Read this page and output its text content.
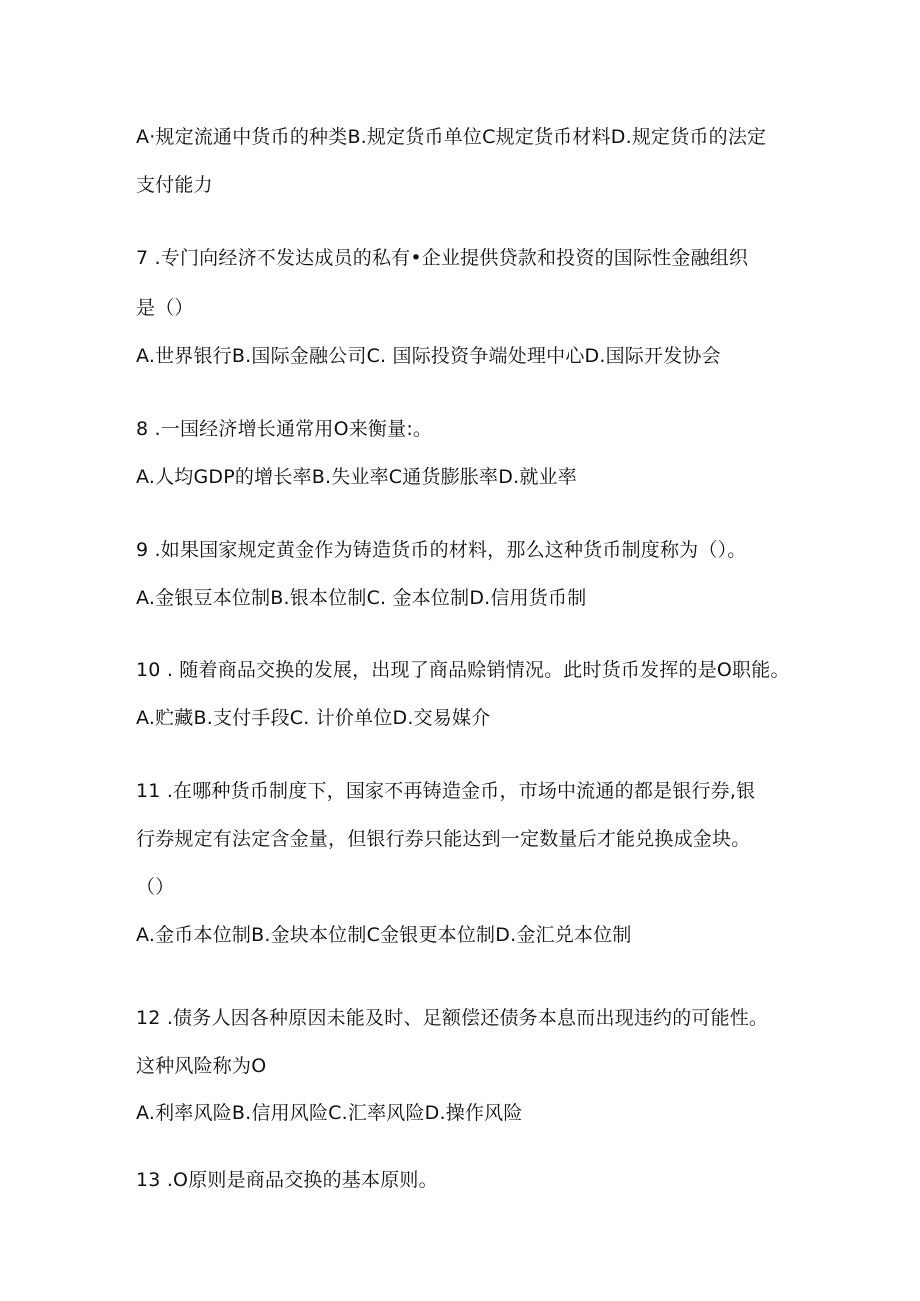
A·规定流通中货币的种类B.规定货币单位C规定货币材料D.规定货币的法定
支付能力
7 .专门向经济不发达成员的私有•企业提供贷款和投资的国际性金融组织
是（）
A.世界银行B.国际金融公司C. 国际投资争端处理中心D.国际开发协会
8 .一国经济增长通常用O来衡量:。
A.人均GDP的增长率B.失业率C通货膨胀率D.就业率
9 .如果国家规定黄金作为铸造货币的材料，那么这种货币制度称为（）。
A.金银豆本位制B.银本位制C. 金本位制D.信用货币制
10 . 随着商品交换的发展，出现了商品赊销情况。此时货币发挥的是O职能。
A.贮藏B.支付手段C. 计价单位D.交易媒介
11 .在哪种货币制度下，国家不再铸造金币，市场中流通的都是银行券,银
行券规定有法定含金量，但银行券只能达到一定数量后才能兑换成金块。
（）
A.金币本位制B.金块本位制C金银更本位制D.金汇兑本位制
12 .债务人因各种原因未能及时、足额偿还债务本息而出现违约的可能性。
这种风险称为O
A.利率风险B.信用风险C.汇率风险D.操作风险
13 .O原则是商品交换的基本原则。
